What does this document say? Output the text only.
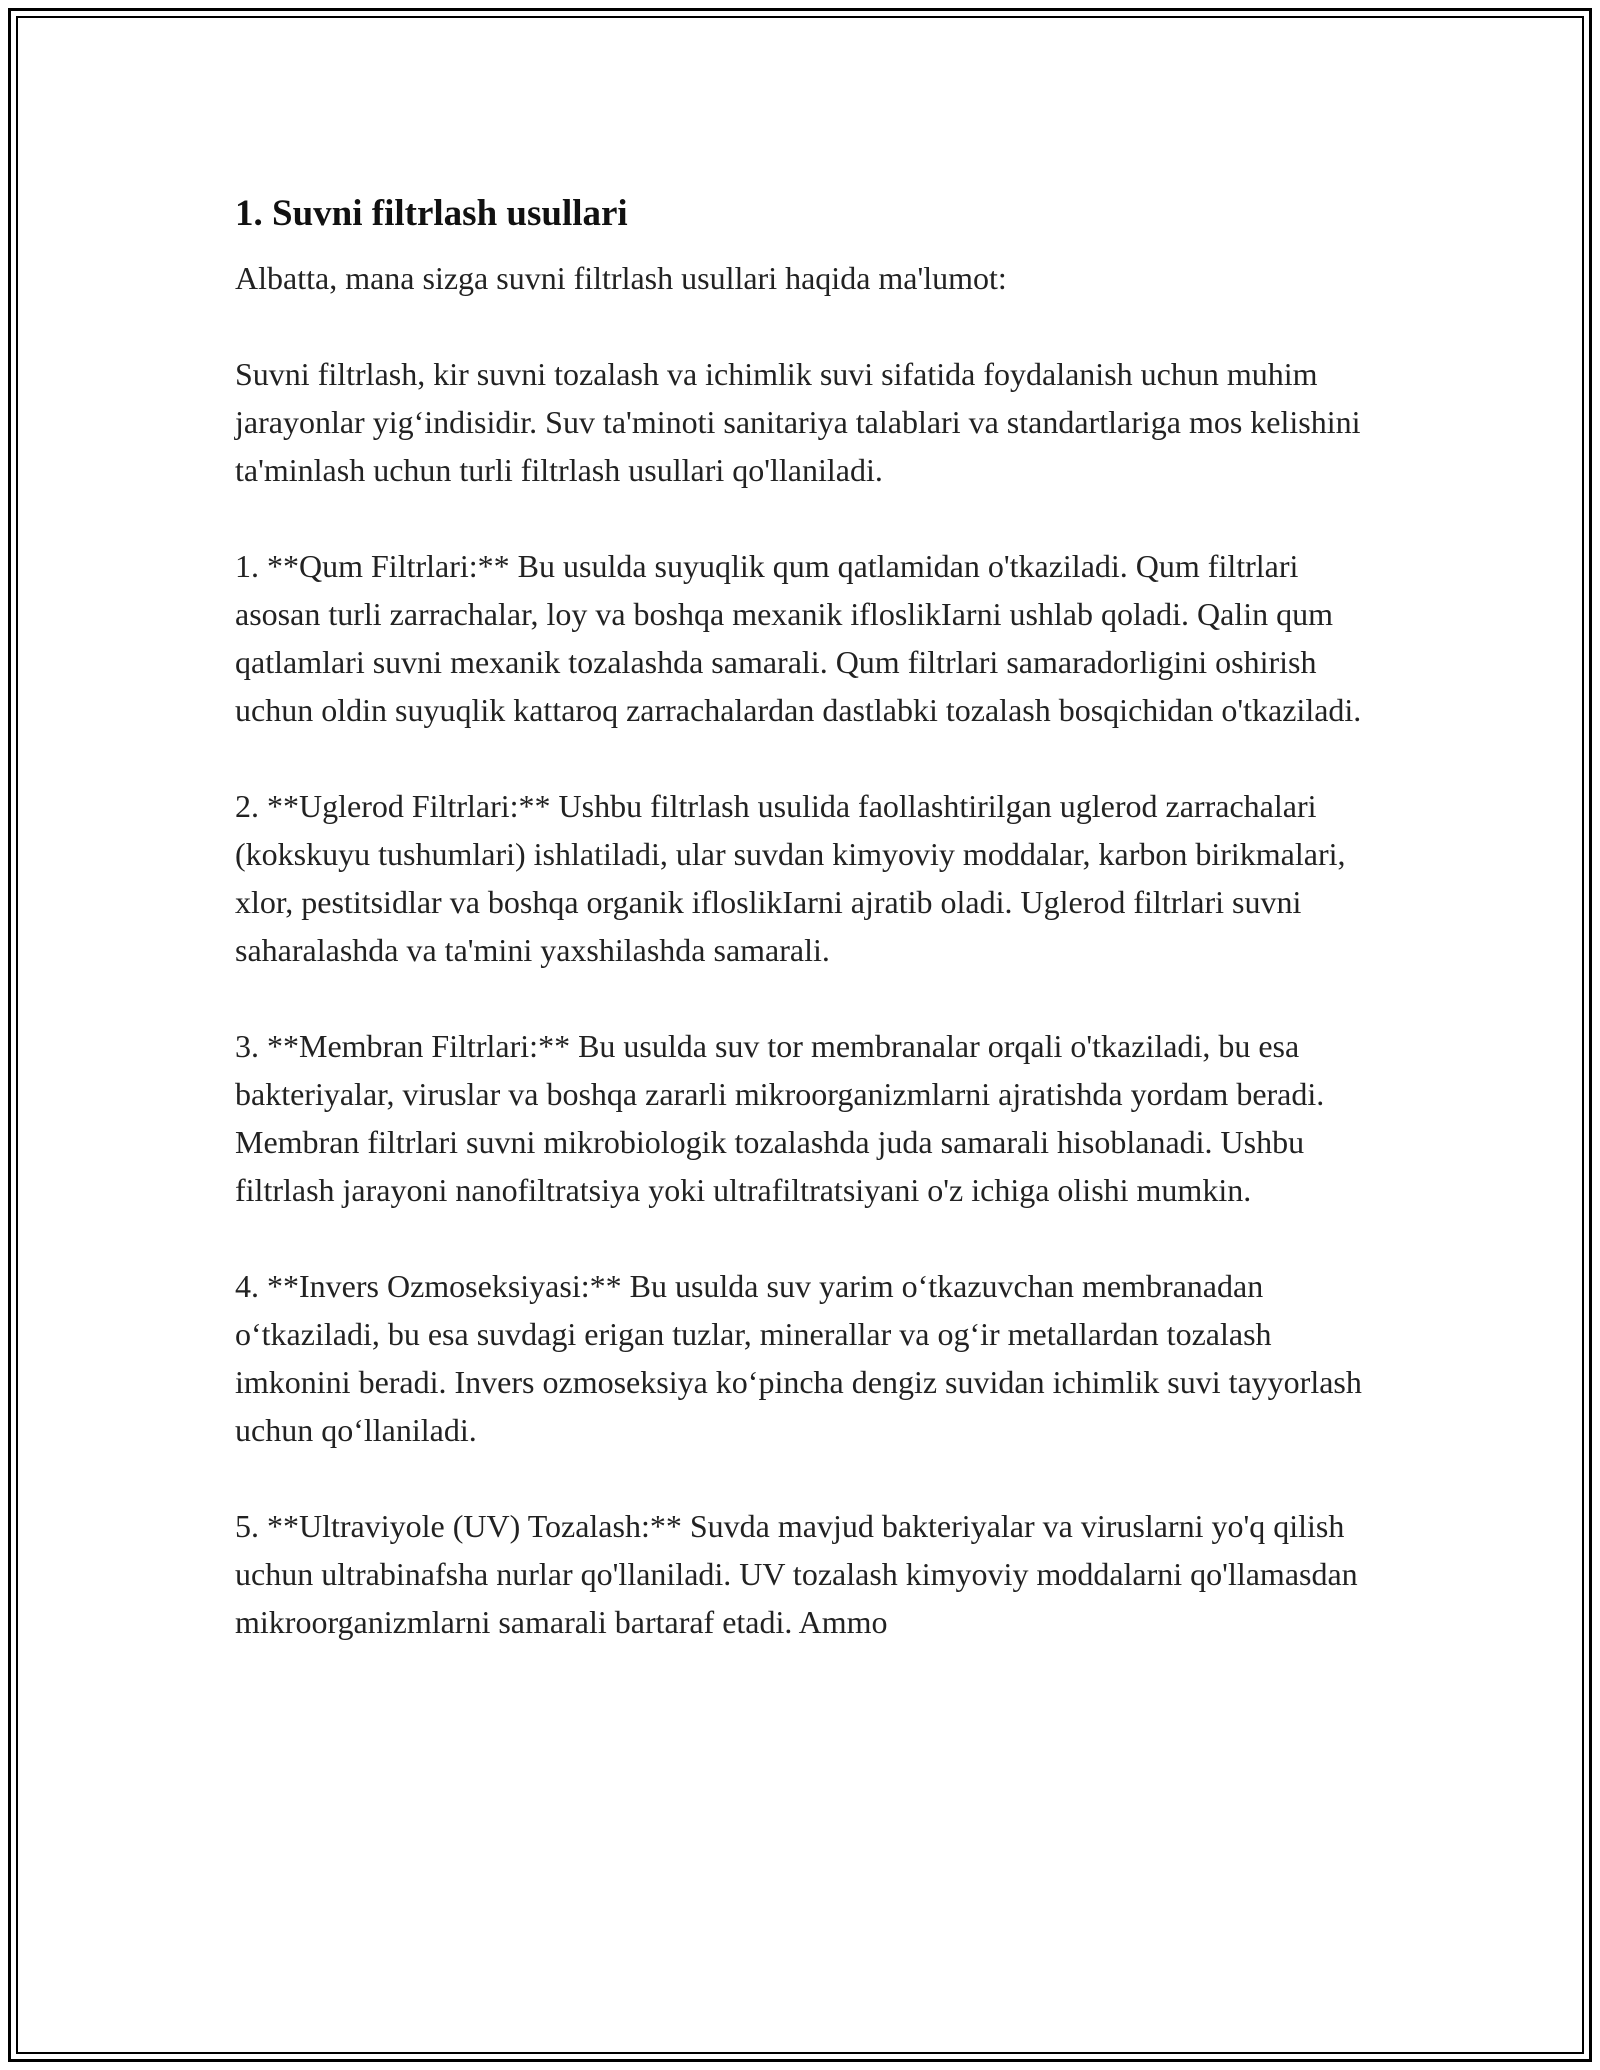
1. Suvni filtrlash usullari

Albatta, mana sizga suvni filtrlash usullari haqida ma'lumot:

Suvni filtrlash, kir suvni tozalash va ichimlik suvi sifatida foydalanish uchun muhim jarayonlar yig‘indisidir. Suv ta'minoti sanitariya talablari va standartlariga mos kelishini ta'minlash uchun turli filtrlash usullari qo'llaniladi.

1. **Qum Filtrlari:** Bu usulda suyuqlik qum qatlamidan o'tkaziladi. Qum filtrlari asosan turli zarrachalar, loy va boshqa mexanik ifloslikIarni ushlab qoladi. Qalin qum qatlamlari suvni mexanik tozalashda samarali. Qum filtrlari samaradorligini oshirish uchun oldin suyuqlik kattaroq zarrachalardan dastlabki tozalash bosqichidan o'tkaziladi.

2. **Uglerod Filtrlari:** Ushbu filtrlash usulida faollashtirilgan uglerod zarrachalari (kokskuyu tushumlari) ishlatiladi, ular suvdan kimyoviy moddalar, karbon birikmalari, xlor, pestitsidlar va boshqa organik ifloslikIarni ajratib oladi. Uglerod filtrlari suvni saharalashda va ta'mini yaxshilashda samarali.

3. **Membran Filtrlari:** Bu usulda suv tor membranalar orqali o'tkaziladi, bu esa bakteriyalar, viruslar va boshqa zararli mikroorganizmlarni ajratishda yordam beradi. Membran filtrlari suvni mikrobiologik tozalashda juda samarali hisoblanadi. Ushbu filtrlash jarayoni nanofiltratsiya yoki ultrafiltratsiyani o'z ichiga olishi mumkin.

4. **Invers Ozmoseksiyasi:** Bu usulda suv yarim o‘tkazuvchan membranadan o‘tkaziladi, bu esa suvdagi erigan tuzlar, minerallar va og‘ir metallardan tozalash imkonini beradi. Invers ozmoseksiya ko‘pincha dengiz suvidan ichimlik suvi tayyorlash uchun qo‘llaniladi.

5. **Ultraviyole (UV) Tozalash:** Suvda mavjud bakteriyalar va viruslarni yo'q qilish uchun ultrabinafsha nurlar qo'llaniladi. UV tozalash kimyoviy moddalarni qo'llamasdan mikroorganizmlarni samarali bartaraf etadi. Ammo
